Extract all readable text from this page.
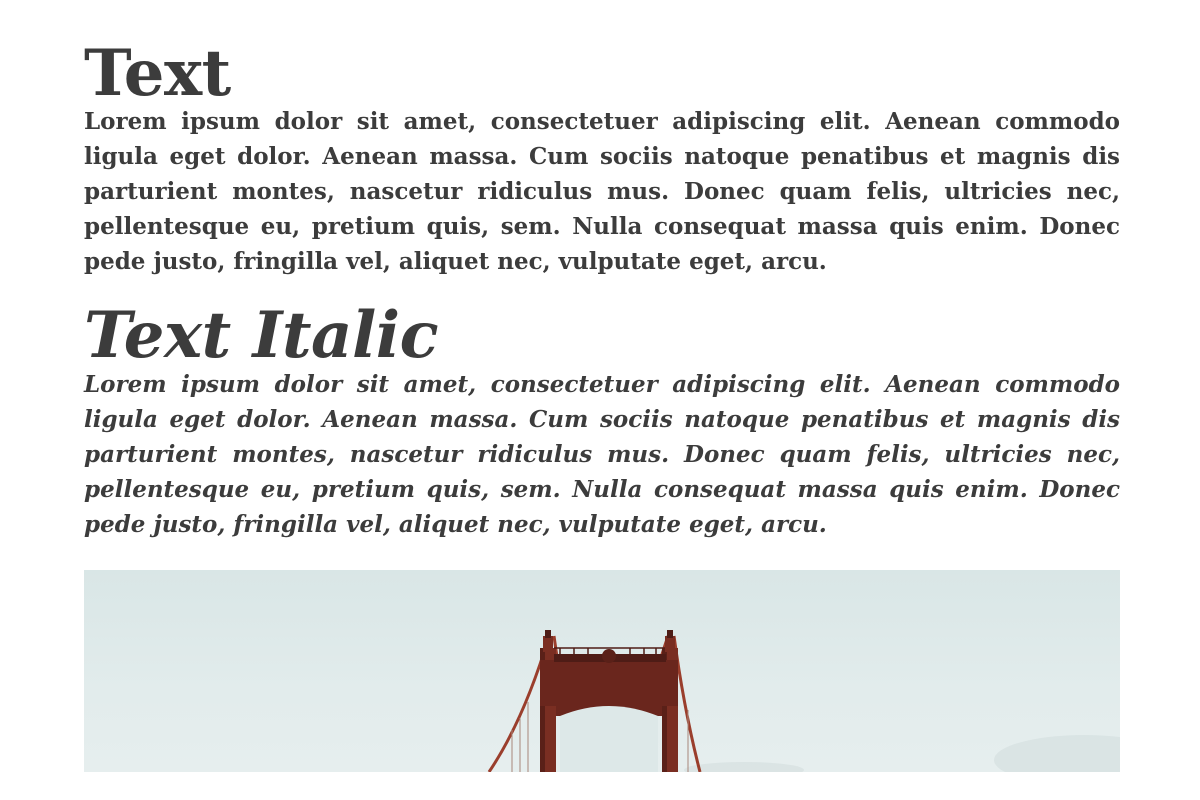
Text

Lorem ipsum dolor sit amet, consectetuer adipiscing elit. Aenean commodo ligula eget dolor. Aenean massa. Cum sociis natoque penatibus et magnis dis parturient montes, nascetur ridiculus mus. Donec quam felis, ultricies nec, pellentesque eu, pretium quis, sem. Nulla consequat massa quis enim. Donec pede justo, fringilla vel, aliquet nec, vulputate eget, arcu.

Text Italic

Lorem ipsum dolor sit amet, consectetuer adipiscing elit. Aenean commodo ligula eget dolor. Aenean massa. Cum sociis natoque penatibus et magnis dis parturient montes, nascetur ridiculus mus. Donec quam felis, ultricies nec, pellentesque eu, pretium quis, sem. Nulla consequat massa quis enim. Donec pede justo, fringilla vel, aliquet nec, vulputate eget, arcu.
